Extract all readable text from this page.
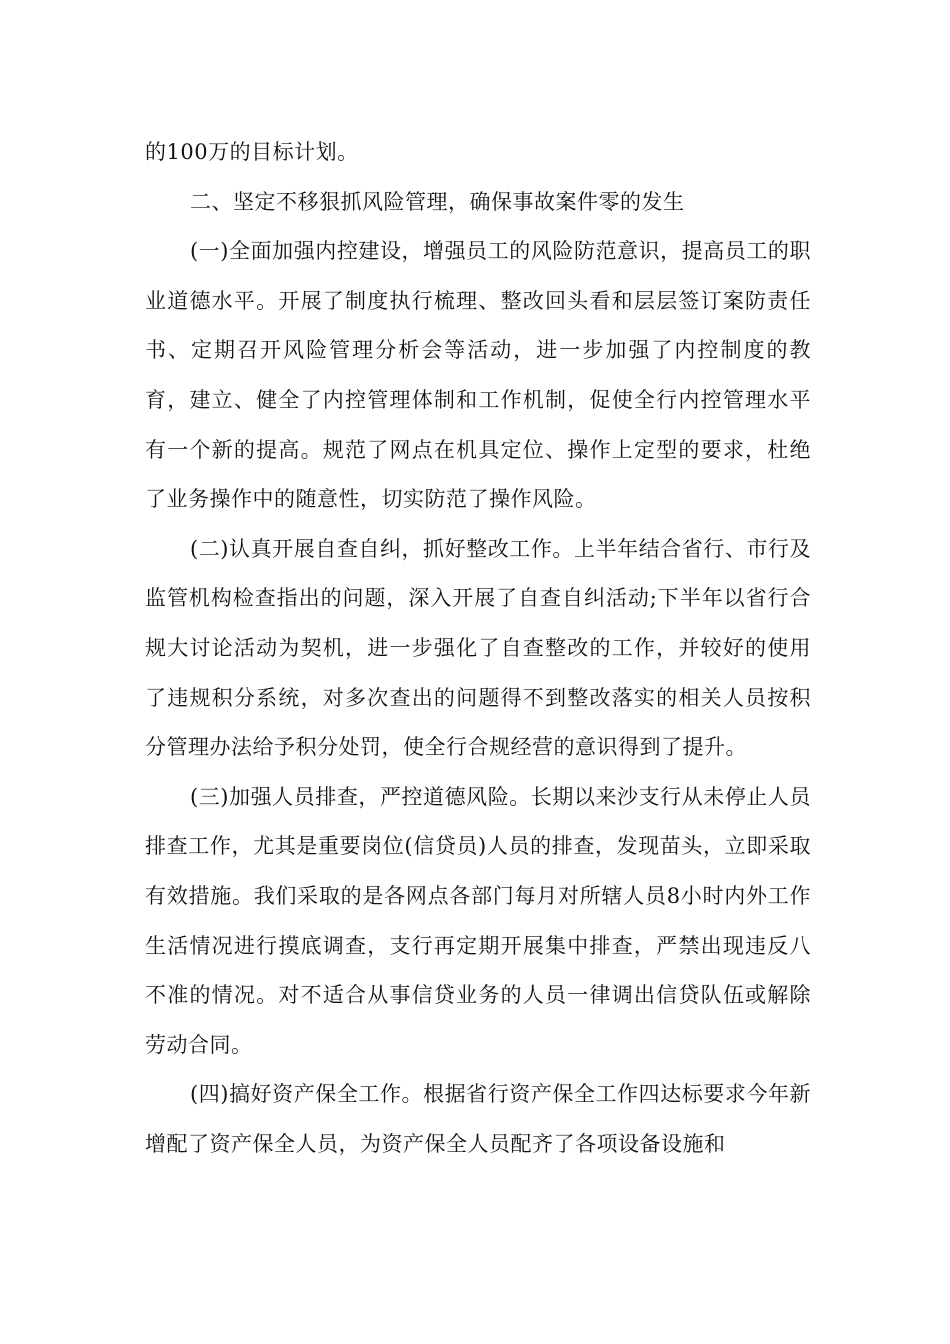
的100万的目标计划。

二、坚定不移狠抓风险管理，确保事故案件零的发生

(一)全面加强内控建设，增强员工的风险防范意识，提高员工的职业道德水平。开展了制度执行梳理、整改回头看和层层签订案防责任书、定期召开风险管理分析会等活动，进一步加强了内控制度的教育，建立、健全了内控管理体制和工作机制，促使全行内控管理水平有一个新的提高。规范了网点在机具定位、操作上定型的要求，杜绝了业务操作中的随意性，切实防范了操作风险。

(二)认真开展自查自纠，抓好整改工作。上半年结合省行、市行及监管机构检查指出的问题，深入开展了自查自纠活动;下半年以省行合规大讨论活动为契机，进一步强化了自查整改的工作，并较好的使用了违规积分系统，对多次查出的问题得不到整改落实的相关人员按积分管理办法给予积分处罚，使全行合规经营的意识得到了提升。

(三)加强人员排查，严控道德风险。长期以来沙支行从未停止人员排查工作，尤其是重要岗位(信贷员)人员的排查，发现苗头，立即采取有效措施。我们采取的是各网点各部门每月对所辖人员8小时内外工作生活情况进行摸底调查，支行再定期开展集中排查，严禁出现违反八不准的情况。对不适合从事信贷业务的人员一律调出信贷队伍或解除劳动合同。

(四)搞好资产保全工作。根据省行资产保全工作四达标要求今年新增配了资产保全人员，为资产保全人员配齐了各项设备设施和
